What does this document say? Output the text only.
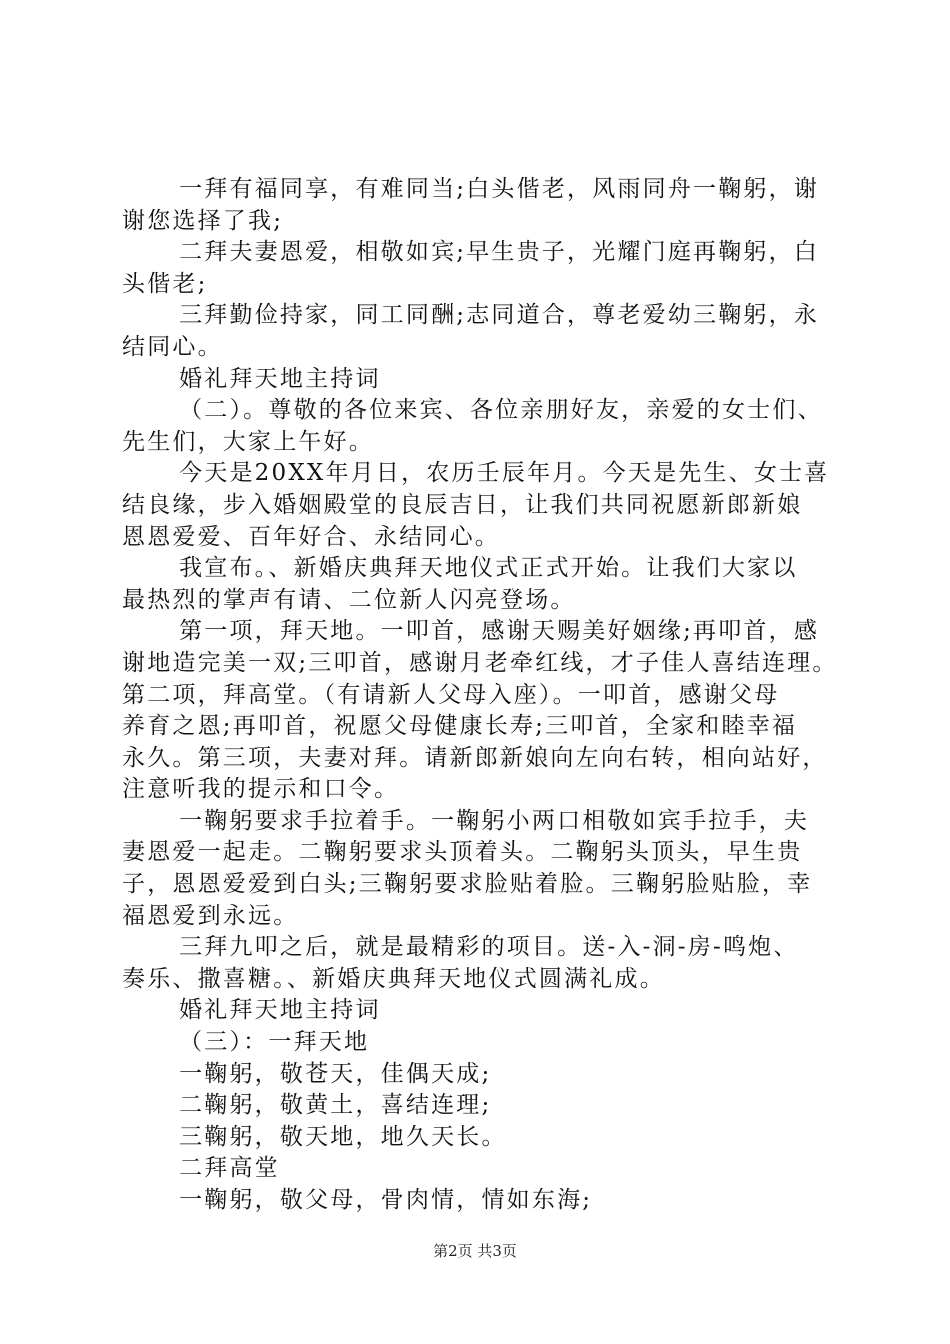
一拜有福同享，有难同当;白头偕老，风雨同舟一鞠躬，谢

谢您选择了我;

二拜夫妻恩爱，相敬如宾;早生贵子，光耀门庭再鞠躬，白

头偕老;

三拜勤俭持家，同工同酬;志同道合，尊老爱幼三鞠躬，永

结同心。

婚礼拜天地主持词

（二）。尊敬的各位来宾、各位亲朋好友，亲爱的女士们、

先生们，大家上午好。

今天是20XX年月日，农历壬辰年月。今天是先生、女士喜

结良缘，步入婚姻殿堂的良辰吉日，让我们共同祝愿新郎新娘

恩恩爱爱、百年好合、永结同心。

我宣布。、新婚庆典拜天地仪式正式开始。让我们大家以

最热烈的掌声有请、二位新人闪亮登场。

第一项，拜天地。一叩首，感谢天赐美好姻缘;再叩首，感

谢地造完美一双;三叩首，感谢月老牵红线，才子佳人喜结连理。

第二项，拜高堂。（有请新人父母入座）。一叩首，感谢父母

养育之恩;再叩首，祝愿父母健康长寿;三叩首，全家和睦幸福

永久。第三项，夫妻对拜。请新郎新娘向左向右转，相向站好，

注意听我的提示和口令。

一鞠躬要求手拉着手。一鞠躬小两口相敬如宾手拉手，夫

妻恩爱一起走。二鞠躬要求头顶着头。二鞠躬头顶头，早生贵

子，恩恩爱爱到白头;三鞠躬要求脸贴着脸。三鞠躬脸贴脸，幸

福恩爱到永远。

三拜九叩之后，就是最精彩的项目。送-入-洞-房-鸣炮、

奏乐、撒喜糖。、新婚庆典拜天地仪式圆满礼成。

婚礼拜天地主持词

（三）：一拜天地

一鞠躬，敬苍天，佳偶天成;

二鞠躬，敬黄土，喜结连理;

三鞠躬，敬天地，地久天长。

二拜高堂

一鞠躬，敬父母，骨肉情，情如东海;

第2页 共3页
